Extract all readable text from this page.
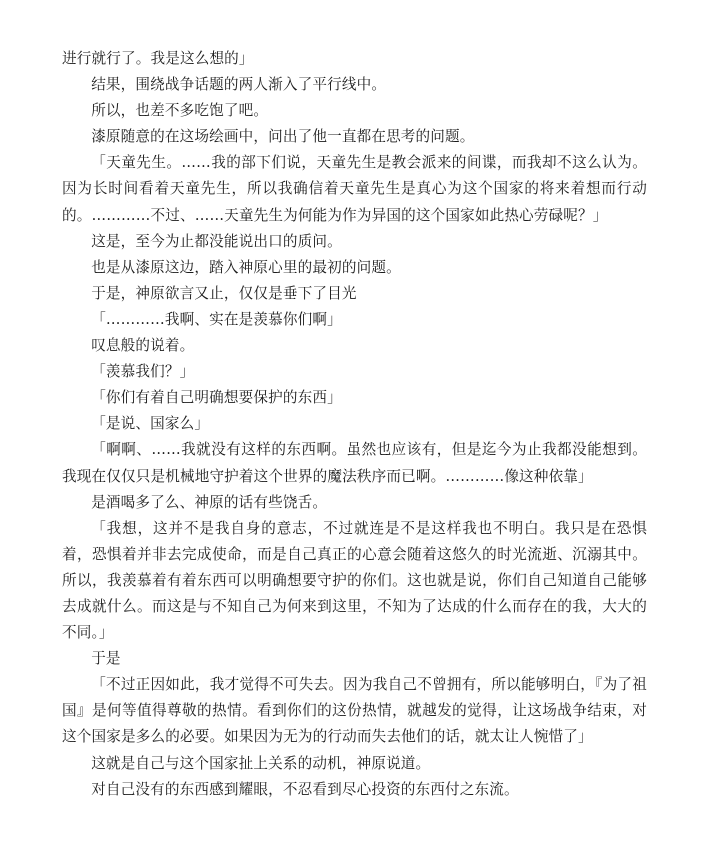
进行就行了。我是这么想的」

结果，围绕战争话题的两人渐入了平行线中。

所以，也差不多吃饱了吧。

漆原随意的在这场绘画中，问出了他一直都在思考的问题。

「天童先生。……我的部下们说，天童先生是教会派来的间谍，而我却不这么认为。因为长时间看着天童先生，所以我确信着天童先生是真心为这个国家的将来着想而行动的。…………不过、……天童先生为何能为作为异国的这个国家如此热心劳碌呢？」

这是，至今为止都没能说出口的质问。

也是从漆原这边，踏入神原心里的最初的问题。

于是，神原欲言又止，仅仅是垂下了目光

「…………我啊、实在是羡慕你们啊」

叹息般的说着。

「羡慕我们？」

「你们有着自己明确想要保护的东西」

「是说、国家么」

「啊啊、……我就没有这样的东西啊。虽然也应该有，但是迄今为止我都没能想到。我现在仅仅只是机械地守护着这个世界的魔法秩序而已啊。…………像这种依靠」

是酒喝多了么、神原的话有些饶舌。

「我想，这并不是我自身的意志，不过就连是不是这样我也不明白。我只是在恐惧着，恐惧着并非去完成使命，而是自己真正的心意会随着这悠久的时光流逝、沉溺其中。所以，我羡慕着有着东西可以明确想要守护的你们。这也就是说，你们自己知道自己能够去成就什么。而这是与不知自己为何来到这里，不知为了达成的什么而存在的我，大大的不同。」

于是

「不过正因如此，我才觉得不可失去。因为我自己不曾拥有，所以能够明白，『为了祖国』是何等值得尊敬的热情。看到你们的这份热情，就越发的觉得，让这场战争结束，对这个国家是多么的必要。如果因为无为的行动而失去他们的话，就太让人惋惜了」

这就是自己与这个国家扯上关系的动机，神原说道。

对自己没有的东西感到耀眼，不忍看到尽心投资的东西付之东流。
